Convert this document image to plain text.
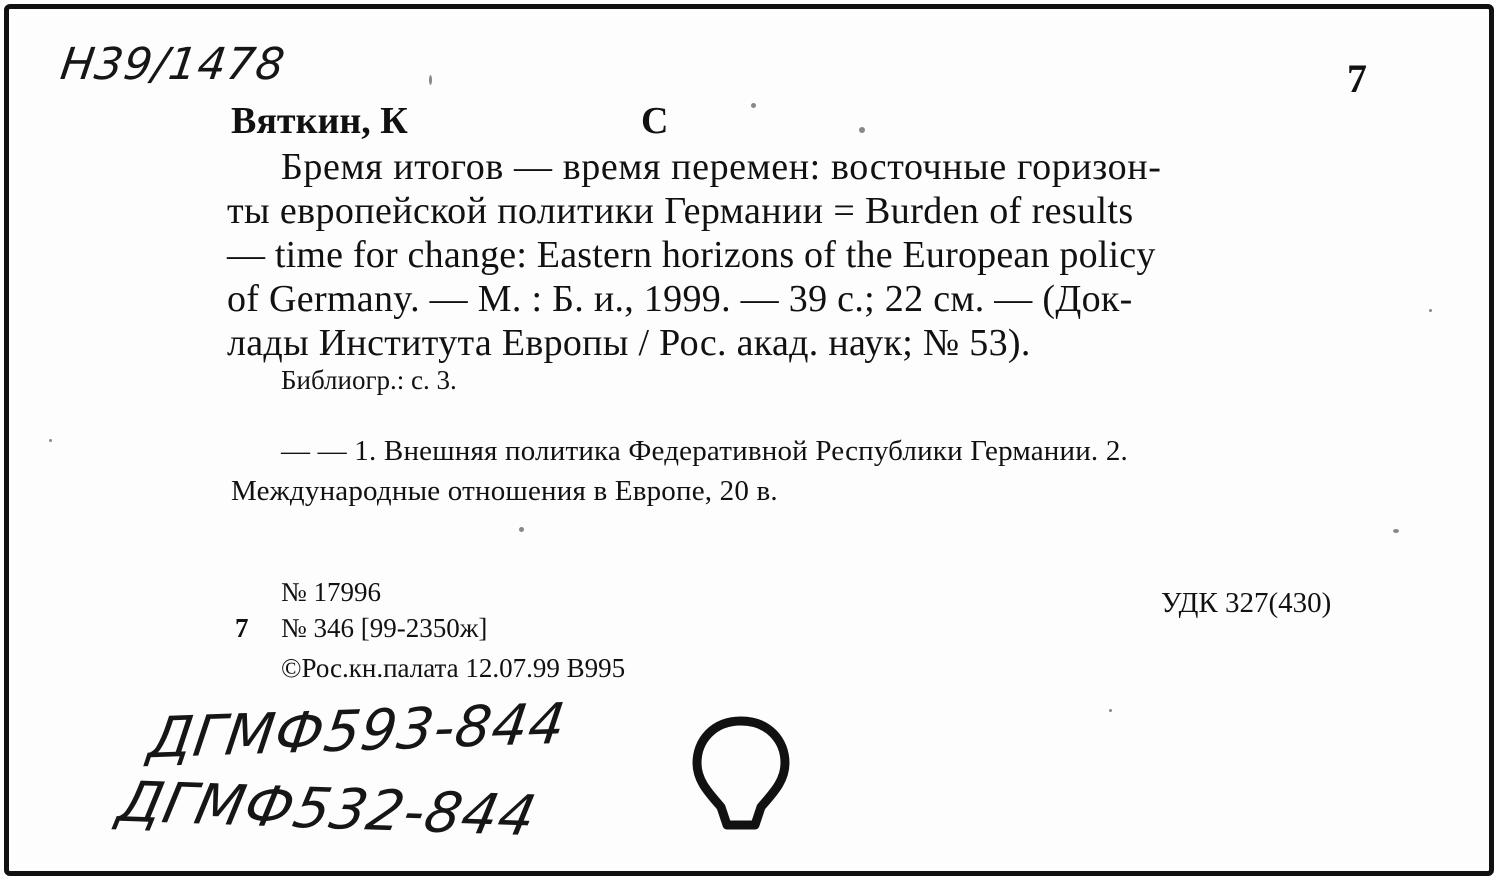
Н39/1478	7
Вяткин, К	С
Бремя итогов — время перемен: восточные горизон-
ты европейской политики Германии = Burden of results
— time for change: Eastern horizons of the European policy
of Germany. — М. : Б. и., 1999. — 39 с.; 22 см. — (Док-
лады Института Европы / Рос. акад. наук; № 53).
Библиогр.: с. 3.
— — 1. Внешняя политика Федеративной Республики Германии. 2.
Международные отношения в Европе, 20 в.
№ 17996
7 № 346 [99-2350ж]
©Рос.кн.палата 12.07.99 В995
УДК 327(430)
ДГМФ593-844
ДГМФ532-844
